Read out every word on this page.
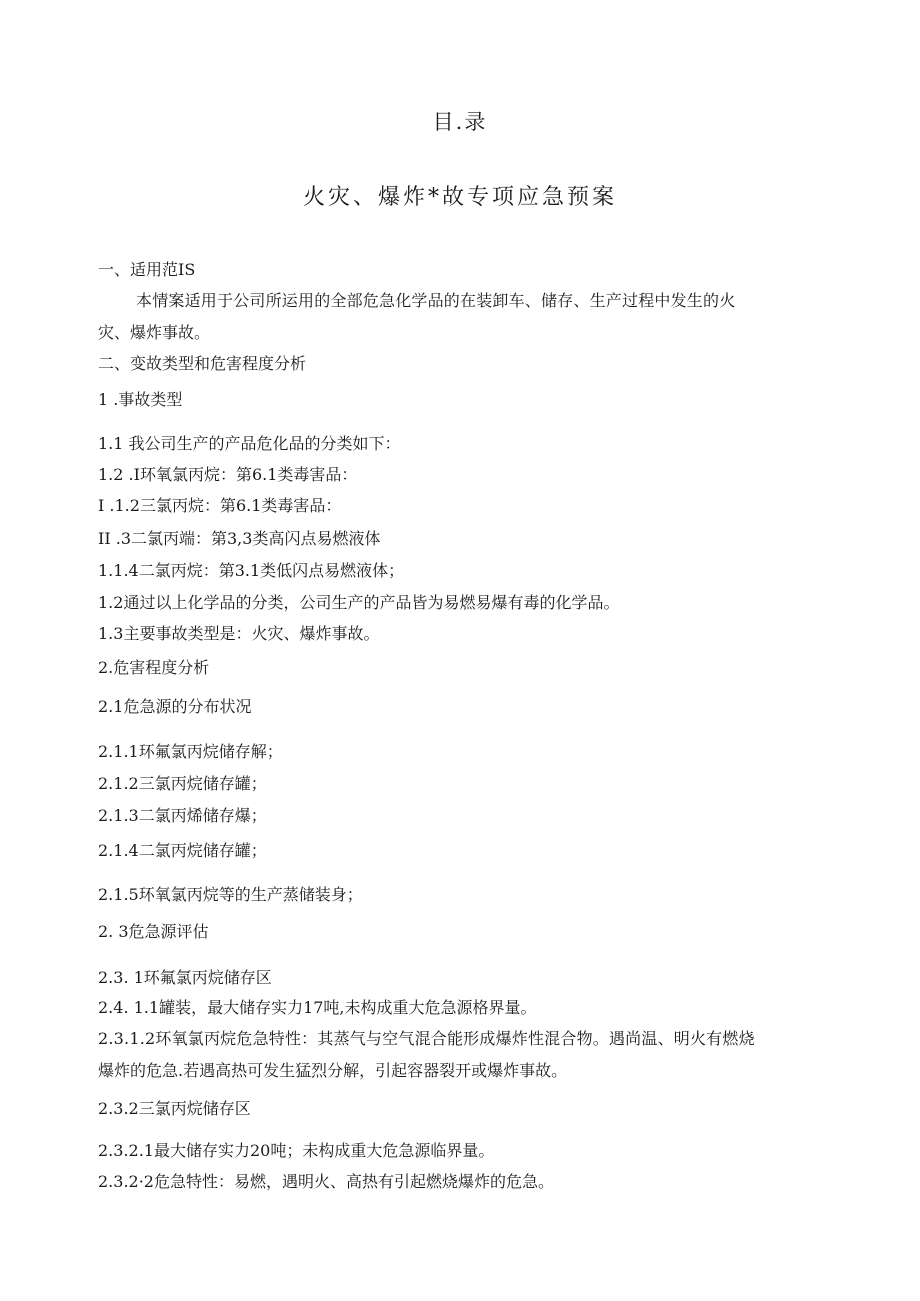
目.录
火灾、爆炸*故专项应急预案
一、适用范IS
本情案适用于公司所运用的全部危急化学品的在装卸车、储存、生产过程中发生的火
灾、爆炸事故。
二、变故类型和危害程度分析
1 .事故类型
1.1 我公司生产的产品危化品的分类如下：
1.2 .I环氧氯丙烷：第6.1类毒害品：
I .1.2三氯丙烷：第6.1类毒害品：
II .3二氯丙端：第3,3类高闪点易燃液体
1.1.4二氯丙烷：第3.1类低闪点易燃液体；
1.2通过以上化学品的分类，公司生产的产品皆为易燃易爆有毒的化学品。
1.3主要事故类型是：火灾、爆炸事故。
2.危害程度分析
2.1危急源的分布状况
2.1.1环氟氯丙烷储存解；
2.1.2三氯丙烷储存罐；
2.1.3二氯丙烯储存爆；
2.1.4二氯丙烷储存罐；
2.1.5环氧氯丙烷等的生产蒸储装身；
2. 3危急源评估
2.3. 1环氟氯丙烷储存区
2.4. 1.1罐装，最大储存实力17吨,未构成重大危急源格界量。
2.3.1.2环氧氯丙烷危急特性：其蒸气与空气混合能形成爆炸性混合物。遇尚温、明火有燃烧
爆炸的危急.若遇高热可发生猛烈分解，引起容器裂开或爆炸事故。
2.3.2三氯丙烷储存区
2.3.2.1最大储存实力20吨；未构成重大危急源临界量。
2.3.2·2危急特性：易燃，遇明火、高热有引起燃烧爆炸的危急。
